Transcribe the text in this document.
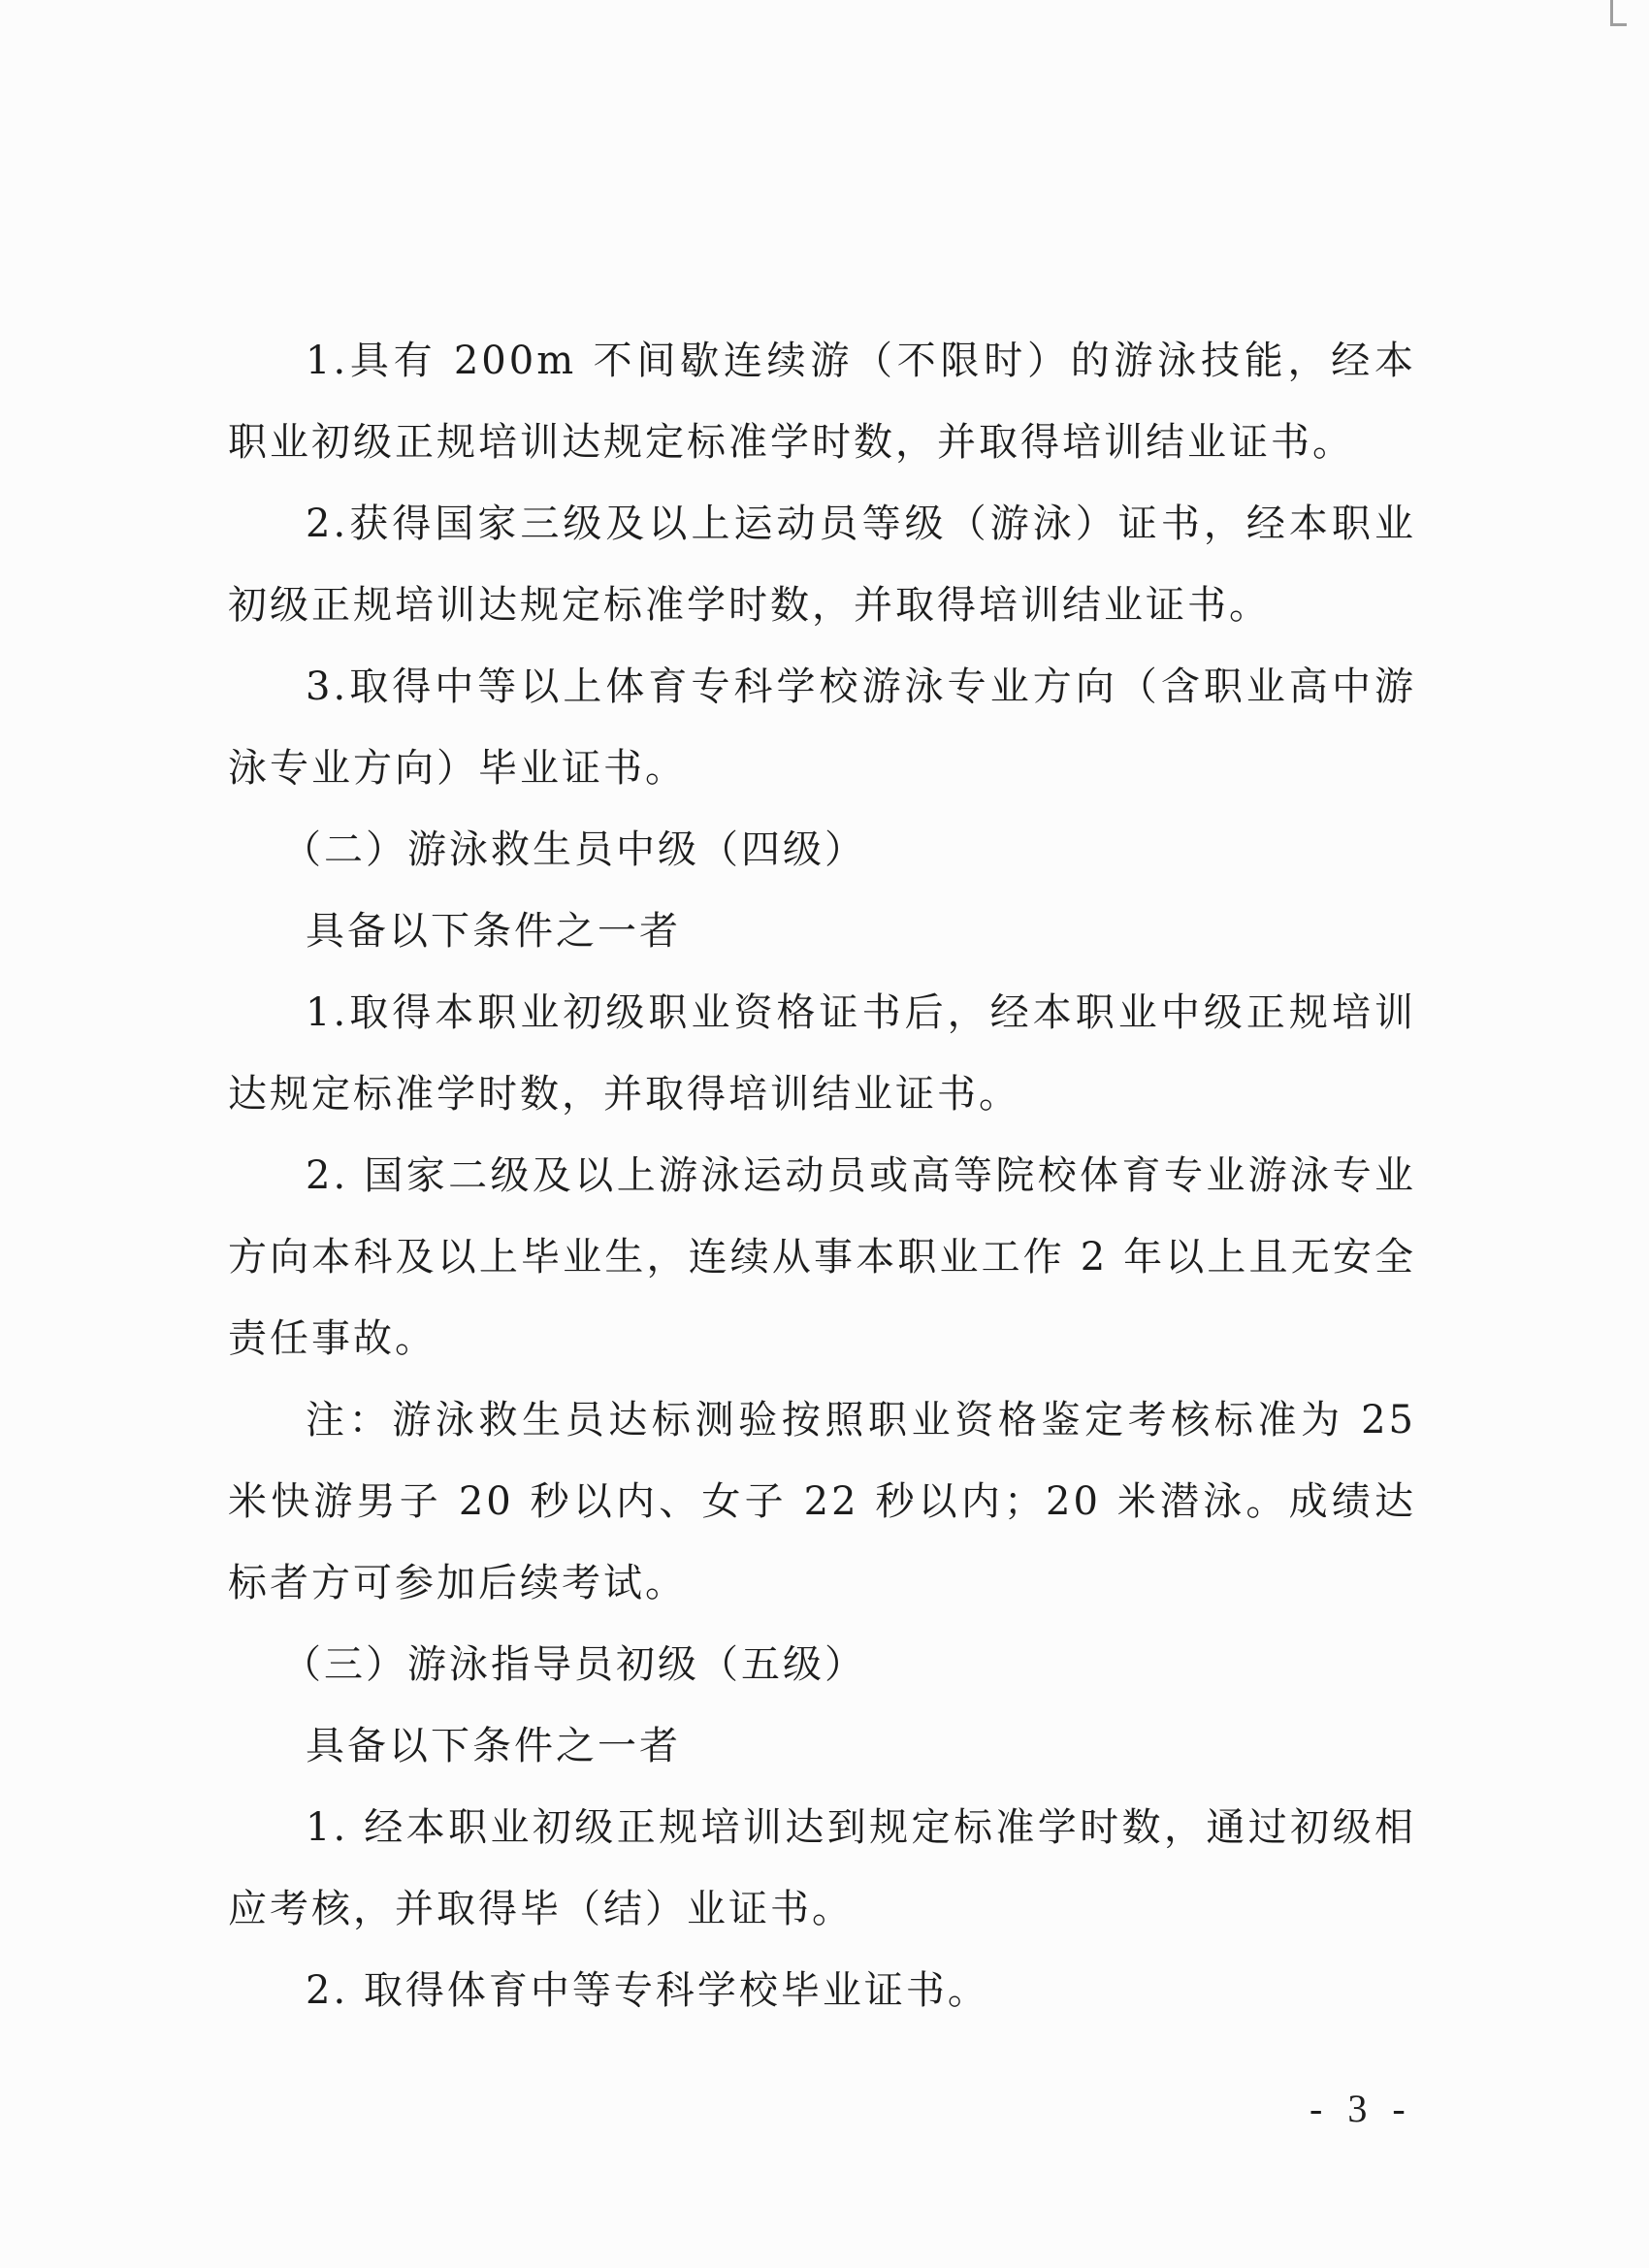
1.具有 200m 不间歇连续游（不限时）的游泳技能，经本职业初级正规培训达规定标准学时数，并取得培训结业证书。

2.获得国家三级及以上运动员等级（游泳）证书，经本职业初级正规培训达规定标准学时数，并取得培训结业证书。

3.取得中等以上体育专科学校游泳专业方向（含职业高中游泳专业方向）毕业证书。

（二）游泳救生员中级（四级）

具备以下条件之一者

1.取得本职业初级职业资格证书后，经本职业中级正规培训达规定标准学时数，并取得培训结业证书。

2. 国家二级及以上游泳运动员或高等院校体育专业游泳专业方向本科及以上毕业生，连续从事本职业工作 2 年以上且无安全责任事故。

注：游泳救生员达标测验按照职业资格鉴定考核标准为 25 米快游男子 20 秒以内、女子 22 秒以内；20 米潜泳。成绩达标者方可参加后续考试。

（三）游泳指导员初级（五级）

具备以下条件之一者

1. 经本职业初级正规培训达到规定标准学时数，通过初级相应考核，并取得毕（结）业证书。

2. 取得体育中等专科学校毕业证书。

- 3 -
